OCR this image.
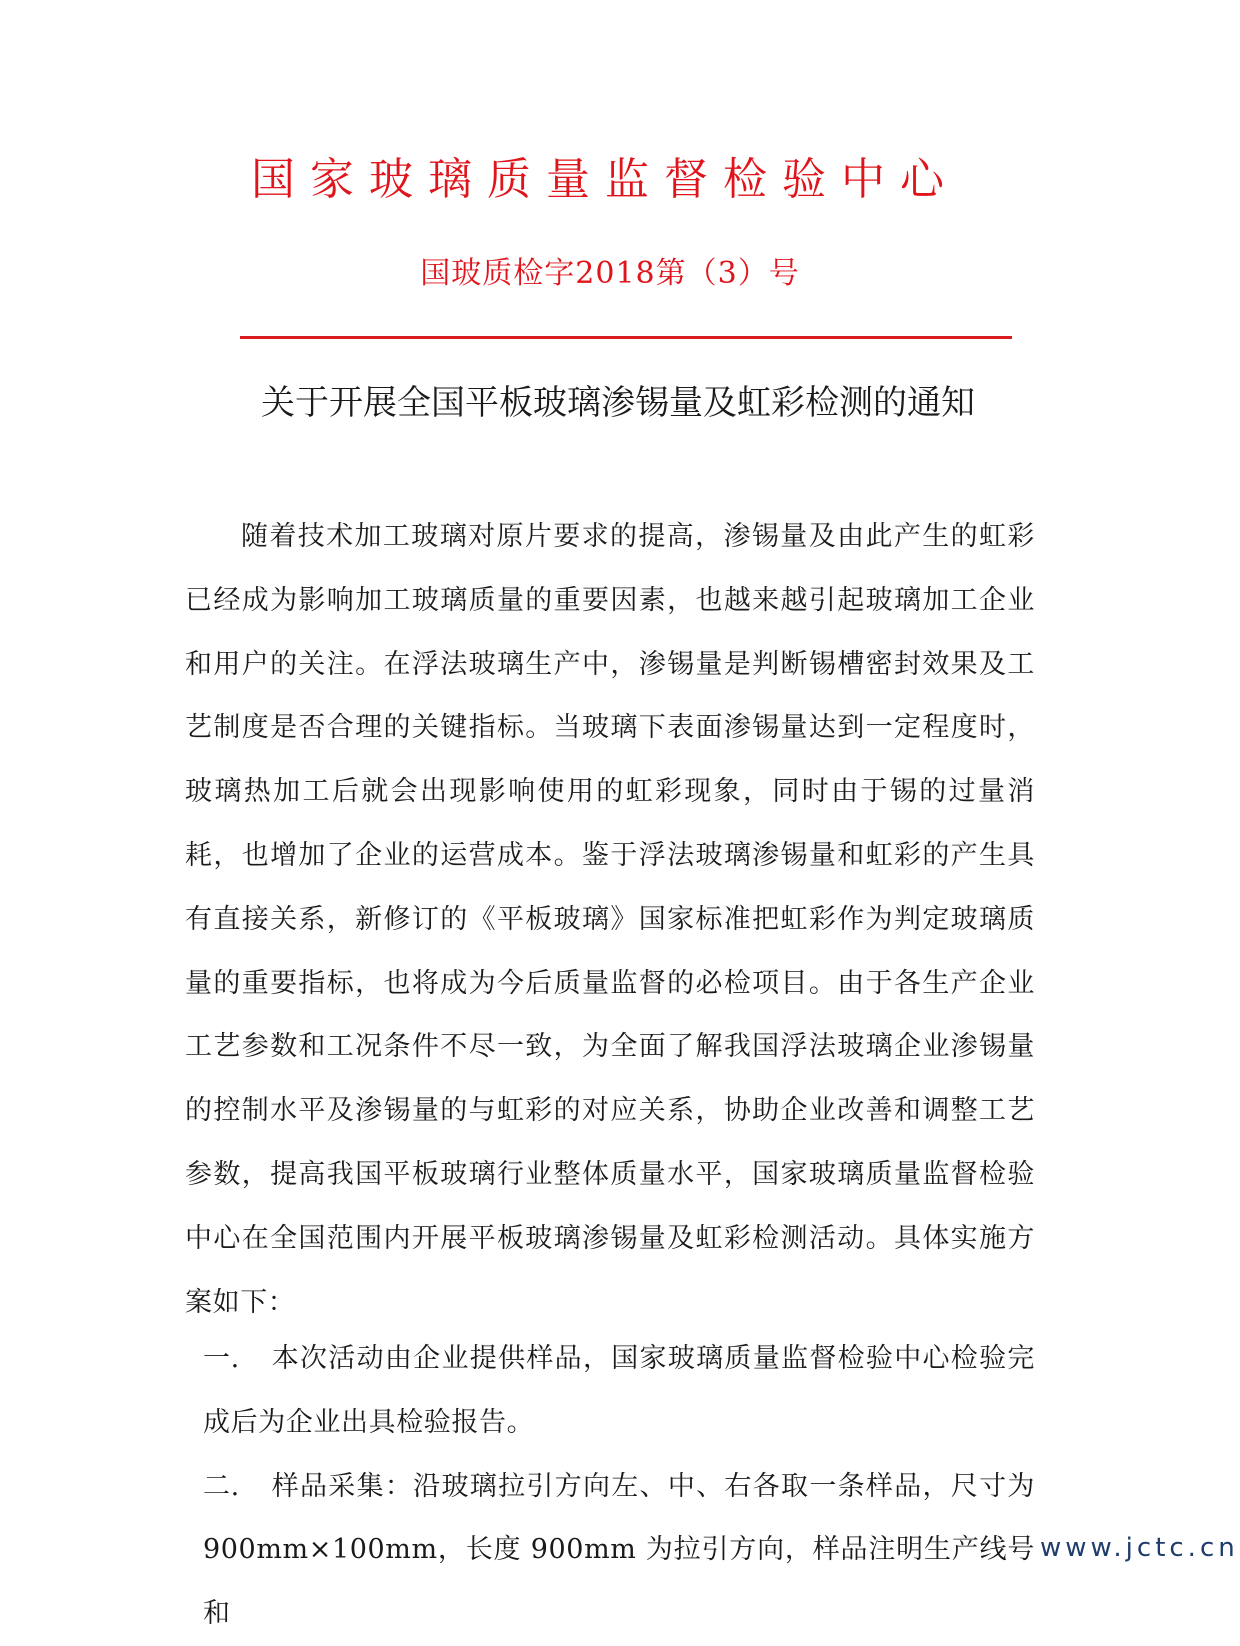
国家玻璃质量监督检验中心
国玻质检字2018第（3）号
关于开展全国平板玻璃渗锡量及虹彩检测的通知

随着技术加工玻璃对原片要求的提高，渗锡量及由此产生的虹彩已经成为影响加工玻璃质量的重要因素，也越来越引起玻璃加工企业和用户的关注。在浮法玻璃生产中，渗锡量是判断锡槽密封效果及工艺制度是否合理的关键指标。当玻璃下表面渗锡量达到一定程度时，玻璃热加工后就会出现影响使用的虹彩现象，同时由于锡的过量消耗，也增加了企业的运营成本。鉴于浮法玻璃渗锡量和虹彩的产生具有直接关系，新修订的《平板玻璃》国家标准把虹彩作为判定玻璃质量的重要指标，也将成为今后质量监督的必检项目。由于各生产企业工艺参数和工况条件不尽一致，为全面了解我国浮法玻璃企业渗锡量的控制水平及渗锡量的与虹彩的对应关系，协助企业改善和调整工艺参数，提高我国平板玻璃行业整体质量水平，国家玻璃质量监督检验中心在全国范围内开展平板玻璃渗锡量及虹彩检测活动。具体实施方案如下：

一. 本次活动由企业提供样品，国家玻璃质量监督检验中心检验完成后为企业出具检验报告。
二. 样品采集：沿玻璃拉引方向左、中、右各取一条样品，尺寸为900mm×100mm，长度 900mm 为拉引方向，样品注明生产线号和
www.jctc.cn
